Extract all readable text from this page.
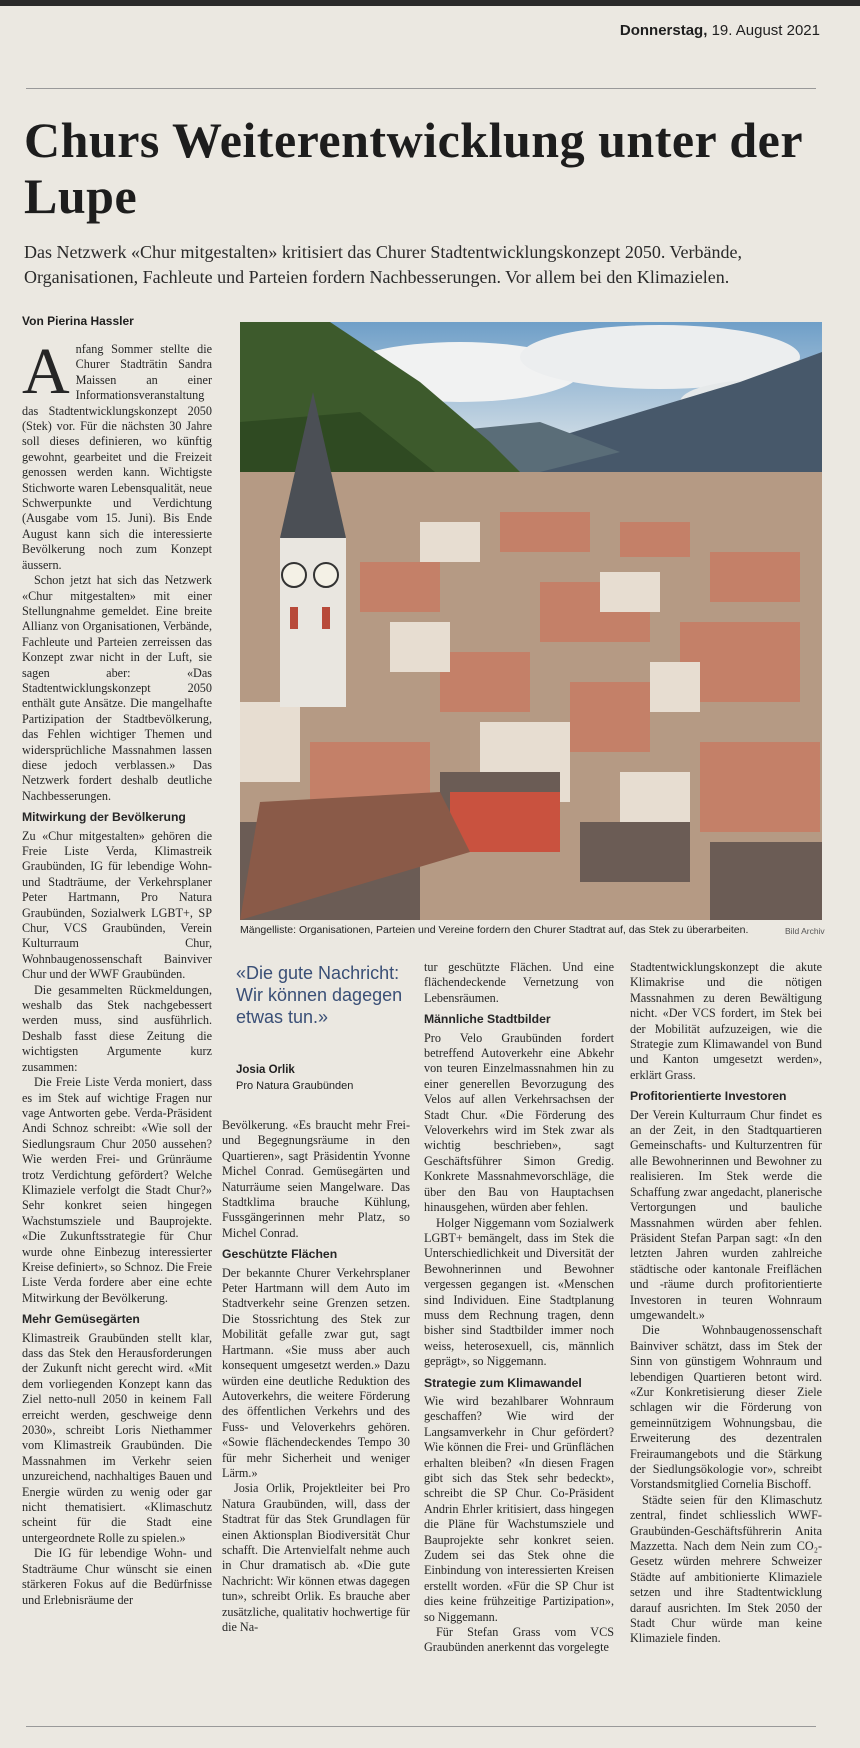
Donnerstag, 19. August 2021
Churs Weiterentwicklung unter der Lupe
Das Netzwerk «Chur mitgestalten» kritisiert das Churer Stadtentwicklungskonzept 2050. Verbände, Organisationen, Fachleute und Parteien fordern Nachbesserungen. Vor allem bei den Klimazielen.
Von Pierina Hassler

Anfang Sommer stellte die Churer Stadträtin Sandra Maissen an einer Informationsveranstaltung das Stadtentwicklungskonzept 2050 (Stek) vor. Für die nächsten 30 Jahre soll dieses definieren, wo künftig gewohnt, gearbeitet und die Freizeit genossen werden kann. Wichtigste Stichworte waren Lebensqualität, neue Schwerpunkte und Verdichtung (Ausgabe vom 15. Juni). Bis Ende August kann sich die interessierte Bevölkerung noch zum Konzept äussern.

Schon jetzt hat sich das Netzwerk «Chur mitgestalten» mit einer Stellungnahme gemeldet. Eine breite Allianz von Organisationen, Verbände, Fachleute und Parteien zerreissen das Konzept zwar nicht in der Luft, sie sagen aber: «Das Stadtentwicklungskonzept 2050 enthält gute Ansätze. Die mangelhafte Partizipation der Stadtbevölkerung, das Fehlen wichtiger Themen und widersprüchliche Massnahmen lassen diese jedoch verblassen.» Das Netzwerk fordert deshalb deutliche Nachbesserungen.

Mitwirkung der Bevölkerung

Zu «Chur mitgestalten» gehören die Freie Liste Verda, Klimastreik Graubünden, IG für lebendige Wohn- und Stadträume, der Verkehrsplaner Peter Hartmann, Pro Natura Graubünden, Sozialwerk LGBT+, SP Chur, VCS Graubünden, Verein Kulturraum Chur, Wohnbaugenossenschaft Bainviver Chur und der WWF Graubünden.

Die gesammelten Rückmeldungen, weshalb das Stek nachgebessert werden muss, sind ausführlich. Deshalb fasst diese Zeitung die wichtigsten Argumente kurz zusammen:

Die Freie Liste Verda moniert, dass es im Stek auf wichtige Fragen nur vage Antworten gebe. Verda-Präsident Andi Schnoz schreibt: «Wie soll der Siedlungsraum Chur 2050 aussehen? Wie werden Frei- und Grünräume trotz Verdichtung gefördert? Welche Klimaziele verfolgt die Stadt Chur?» Sehr konkret seien hingegen Wachstumsziele und Bauprojekte. «Die Zukunftsstrategie für Chur wurde ohne Einbezug interessierter Kreise definiert», so Schnoz. Die Freie Liste Verda fordere aber eine echte Mitwirkung der Bevölkerung.

Mehr Gemüsegärten

Klimastreik Graubünden stellt klar, dass das Stek den Herausforderungen der Zukunft nicht gerecht wird. «Mit dem vorliegenden Konzept kann das Ziel netto-null 2050 in keinem Fall erreicht werden, geschweige denn 2030», schreibt Loris Niethammer vom Klimastreik Graubünden. Die Massnahmen im Verkehr seien unzureichend, nachhaltiges Bauen und Energie würden zu wenig oder gar nicht thematisiert. «Klimaschutz scheint für die Stadt eine untergeordnete Rolle zu spielen.»

Die IG für lebendige Wohn- und Stadträume Chur wünscht sie einen stärkeren Fokus auf die Bedürfnisse und Erlebnisräume der

Mängelliste: Organisationen, Parteien und Vereine fordern den Churer Stadtrat auf, das Stek zu überarbeiten.	Bild Archiv
«Die gute Nachricht: Wir können dagegen etwas tun.»
Josia Orlik
Pro Natura Graubünden

Bevölkerung. «Es braucht mehr Frei- und Begegnungsräume in den Quartieren», sagt Präsidentin Yvonne Michel Conrad. Gemüsegärten und Naturräume seien Mangelware. Das Stadtklima brauche Kühlung, Fussgängerinnen mehr Platz, so Michel Conrad.

Geschützte Flächen

Der bekannte Churer Verkehrsplaner Peter Hartmann will dem Auto im Stadtverkehr seine Grenzen setzen. Die Stossrichtung des Stek zur Mobilität gefalle zwar gut, sagt Hartmann. «Sie muss aber auch konsequent umgesetzt werden.» Dazu würden eine deutliche Reduktion des Autoverkehrs, die weitere Förderung des öffentlichen Verkehrs und des Fuss- und Veloverkehrs gehören. «Sowie flächendeckendes Tempo 30 für mehr Sicherheit und weniger Lärm.»

Josia Orlik, Projektleiter bei Pro Natura Graubünden, will, dass der Stadtrat für das Stek Grundlagen für einen Aktionsplan Biodiversität Chur schafft. Die Artenvielfalt nehme auch in Chur dramatisch ab. «Die gute Nachricht: Wir können etwas dagegen tun», schreibt Orlik. Es brauche aber zusätzliche, qualitativ hochwertige für die Na-

tur geschützte Flächen. Und eine flächendeckende Vernetzung von Lebensräumen.

Männliche Stadtbilder

Pro Velo Graubünden fordert betreffend Autoverkehr eine Abkehr von teuren Einzelmassnahmen hin zu einer generellen Bevorzugung des Velos auf allen Verkehrsachsen der Stadt Chur. «Die Förderung des Veloverkehrs wird im Stek zwar als wichtig beschrieben», sagt Geschäftsführer Simon Gredig. Konkrete Massnahmevorschläge, die über den Bau von Hauptachsen hinausgehen, würden aber fehlen.

Holger Niggemann vom Sozialwerk LGBT+ bemängelt, dass im Stek die Unterschiedlichkeit und Diversität der Bewohnerinnen und Bewohner vergessen gegangen ist. «Menschen sind Individuen. Eine Stadtplanung muss dem Rechnung tragen, denn bisher sind Stadtbilder immer noch weiss, heterosexuell, cis, männlich geprägt», so Niggemann.

Strategie zum Klimawandel

Wie wird bezahlbarer Wohnraum geschaffen? Wie wird der Langsamverkehr in Chur gefördert? Wie können die Frei- und Grünflächen erhalten bleiben? «In diesen Fragen gibt sich das Stek sehr bedeckt», schreibt die SP Chur. Co-Präsident Andrin Ehrler kritisiert, dass hingegen die Pläne für Wachstumsziele und Bauprojekte sehr konkret seien. Zudem sei das Stek ohne die Einbindung von interessierten Kreisen erstellt worden. «Für die SP Chur ist dies keine frühzeitige Partizipation», so Niggemann.

Für Stefan Grass vom VCS Graubünden anerkennt das vorgelegte

Stadtentwicklungskonzept die akute Klimakrise und die nötigen Massnahmen zu deren Bewältigung nicht. «Der VCS fordert, im Stek bei der Mobilität aufzuzeigen, wie die Strategie zum Klimawandel von Bund und Kanton umgesetzt werden», erklärt Grass.

Profitorientierte Investoren

Der Verein Kulturraum Chur findet es an der Zeit, in den Stadtquartieren Gemeinschafts- und Kulturzentren für alle Bewohnerinnen und Bewohner zu realisieren. Im Stek werde die Schaffung zwar angedacht, planerische Vertorgungen und bauliche Massnahmen würden aber fehlen. Präsident Stefan Parpan sagt: «In den letzten Jahren wurden zahlreiche städtische oder kantonale Freiflächen und -räume durch profitorientierte Investoren in teuren Wohnraum umgewandelt.»

Die Wohnbaugenossenschaft Bainviver schätzt, dass im Stek der Sinn von günstigem Wohnraum und lebendigen Quartieren betont wird. «Zur Konkretisierung dieser Ziele schlagen wir die Förderung von gemeinnützigem Wohnungsbau, die Erweiterung des dezentralen Freiraumangebots und die Stärkung der Siedlungsökologie vor», schreibt Vorstandsmitglied Cornelia Bischoff.

Städte seien für den Klimaschutz zentral, findet schliesslich WWF-Graubünden-Geschäftsführerin Anita Mazzetta. Nach dem Nein zum CO₂-Gesetz würden mehrere Schweizer Städte auf ambitionierte Klimaziele setzen und ihre Stadtentwicklung darauf ausrichten. Im Stek 2050 der Stadt Chur würde man keine Klimaziele finden.
